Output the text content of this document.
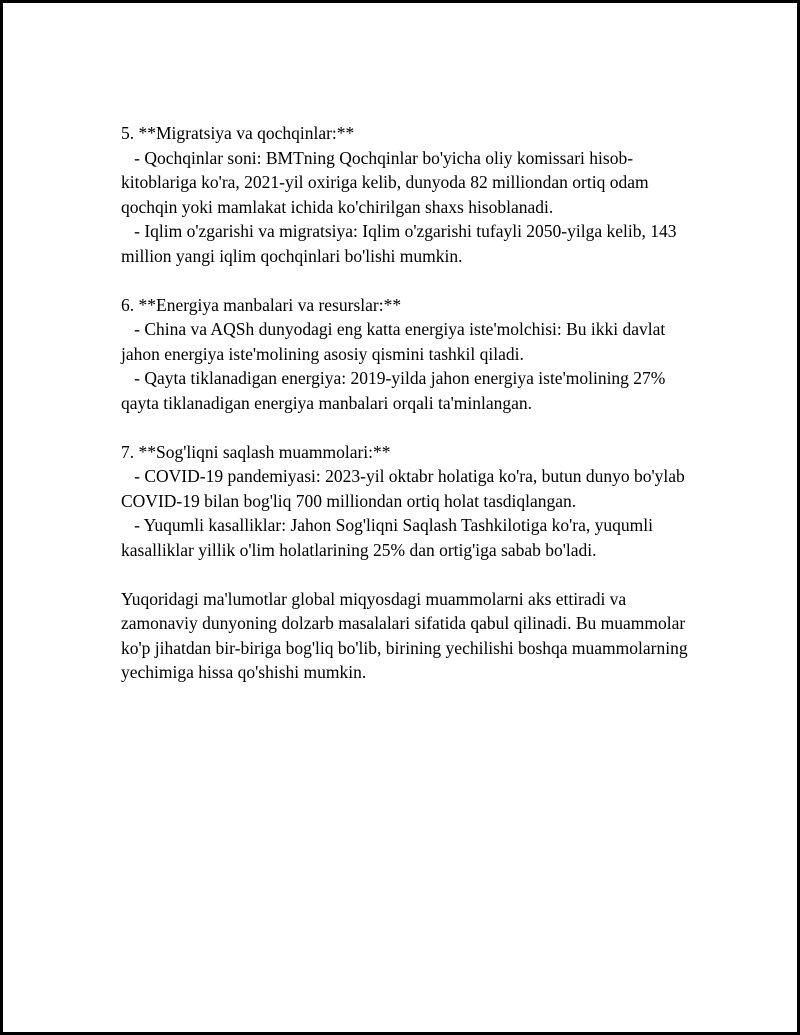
5. **Migratsiya va qochqinlar:**

- Qochqinlar soni: BMTning Qochqinlar bo'yicha oliy komissari hisob-kitoblariga ko'ra, 2021-yil oxiriga kelib, dunyoda 82 milliondan ortiq odam qochqin yoki mamlakat ichida ko'chirilgan shaxs hisoblanadi.

- Iqlim o'zgarishi va migratsiya: Iqlim o'zgarishi tufayli 2050-yilga kelib, 143 million yangi iqlim qochqinlari bo'lishi mumkin.

6. **Energiya manbalari va resurslar:**

- China va AQSh dunyodagi eng katta energiya iste'molchisi: Bu ikki davlat jahon energiya iste'molining asosiy qismini tashkil qiladi.

- Qayta tiklanadigan energiya: 2019-yilda jahon energiya iste'molining 27% qayta tiklanadigan energiya manbalari orqali ta'minlangan.

7. **Sog'liqni saqlash muammolari:**

- COVID-19 pandemiyasi: 2023-yil oktabr holatiga ko'ra, butun dunyo bo'ylab COVID-19 bilan bog'liq 700 milliondan ortiq holat tasdiqlangan.

- Yuqumli kasalliklar: Jahon Sog'liqni Saqlash Tashkilotiga ko'ra, yuqumli kasalliklar yillik o'lim holatlarining 25% dan ortig'iga sabab bo'ladi.

Yuqoridagi ma'lumotlar global miqyosdagi muammolarni aks ettiradi va zamonaviy dunyoning dolzarb masalalari sifatida qabul qilinadi. Bu muammolar ko'p jihatdan bir-biriga bog'liq bo'lib, birining yechilishi boshqa muammolarning yechimiga hissa qo'shishi mumkin.
